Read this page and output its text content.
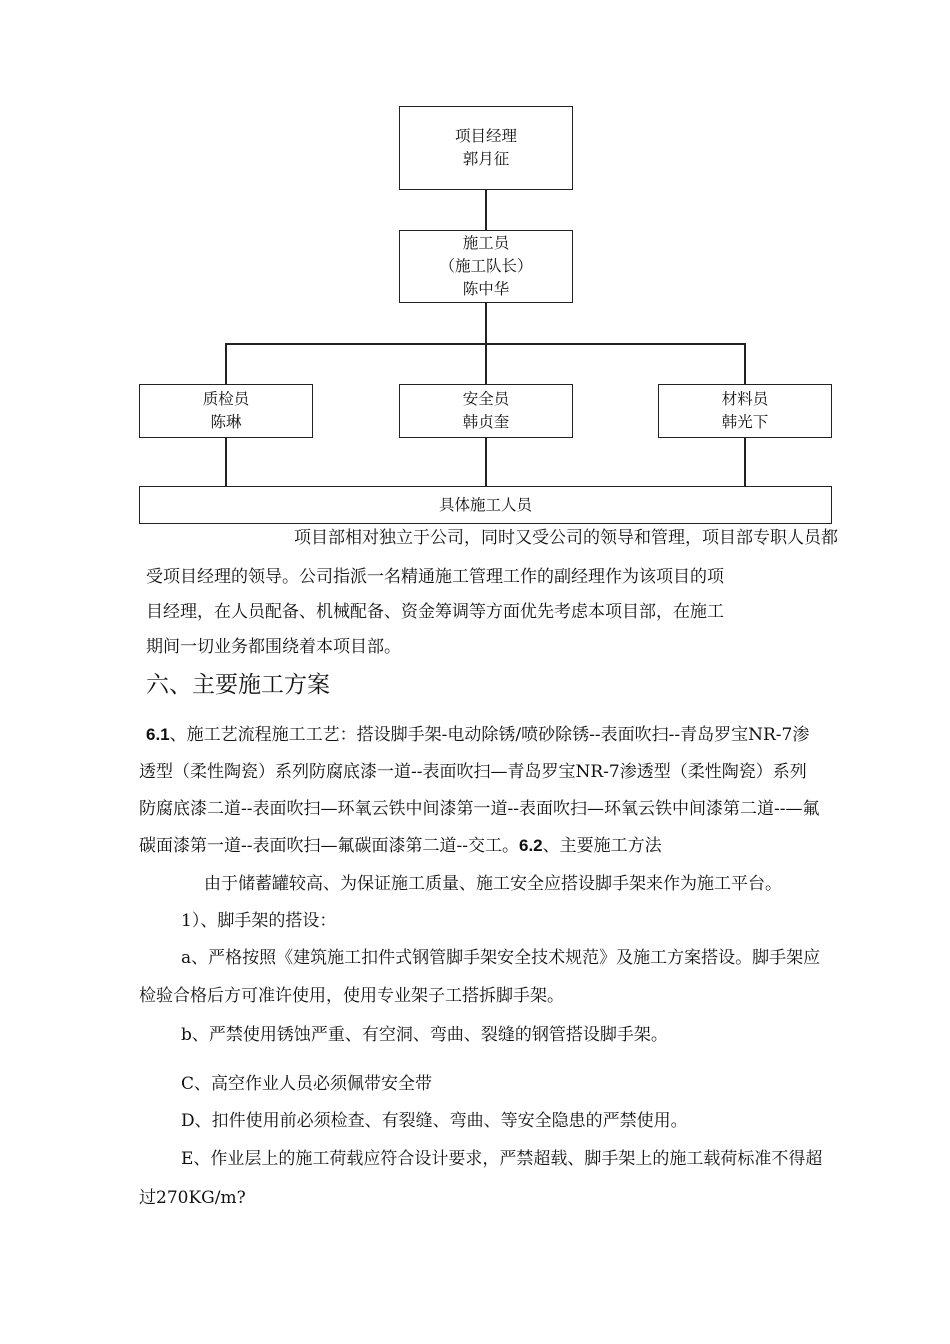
项目经理
郭月征
施工员
（施工队长）
陈中华
质检员
陈琳
安全员
韩贞奎
材料员
韩光下
具体施工人员

项目部相对独立于公司，同时又受公司的领导和管理，项目部专职人员都

受项目经理的领导。公司指派一名精通施工管理工作的副经理作为该项目的项

目经理，在人员配备、机械配备、资金筹调等方面优先考虑本项目部，在施工

期间一切业务都围绕着本项目部。

六、主要施工方案

6.1、施工艺流程施工工艺：搭设脚手架-电动除锈/喷砂除锈--表面吹扫--青岛罗宝NR-7渗

透型（柔性陶瓷）系列防腐底漆一道--表面吹扫—青岛罗宝NR-7渗透型（柔性陶瓷）系列

防腐底漆二道--表面吹扫—环氧云铁中间漆第一道--表面吹扫—环氧云铁中间漆第二道--—氟

碳面漆第一道--表面吹扫—氟碳面漆第二道--交工。6.2、主要施工方法

由于储蓄罐较高、为保证施工质量、施工安全应搭设脚手架来作为施工平台。

1）、脚手架的搭设：

a、严格按照《建筑施工扣件式钢管脚手架安全技术规范》及施工方案搭设。脚手架应

检验合格后方可准许使用，使用专业架子工搭拆脚手架。

b、严禁使用锈蚀严重、有空洞、弯曲、裂缝的钢管搭设脚手架。

C、高空作业人员必须佩带安全带

D、扣件使用前必须检查、有裂缝、弯曲、等安全隐患的严禁使用。

E、作业层上的施工荷载应符合设计要求，严禁超载、脚手架上的施工载荷标准不得超

过270KG/m?
